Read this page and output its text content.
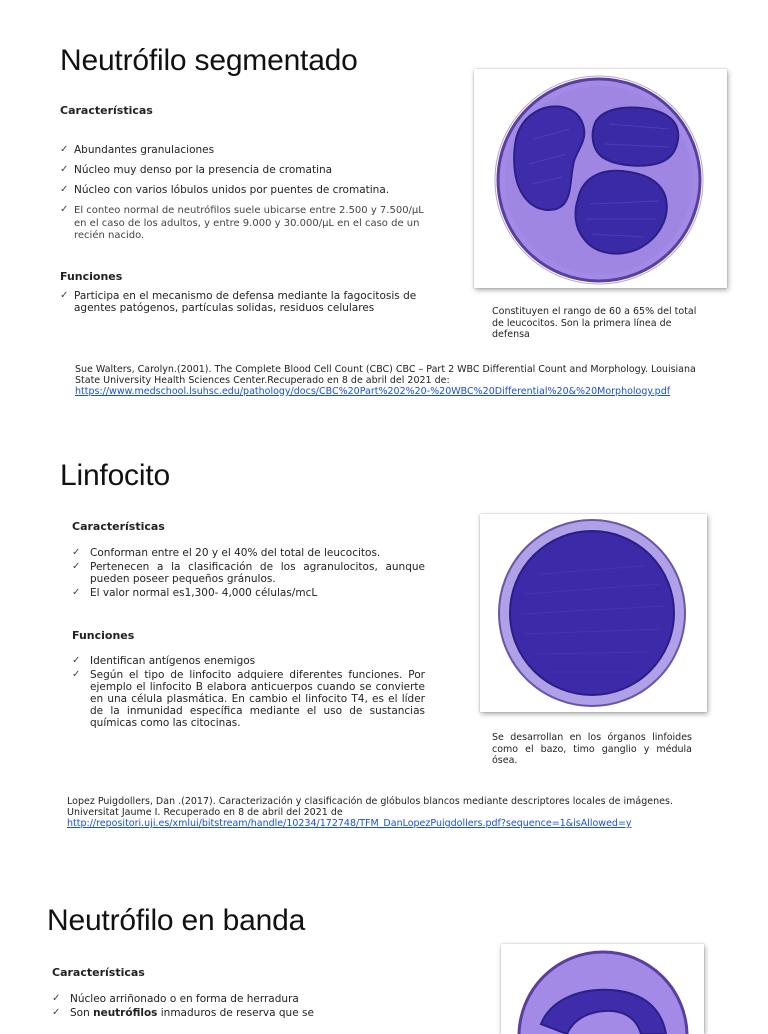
Neutrófilo segmentado

Características

✓ Abundantes granulaciones
✓ Núcleo muy denso por la presencia de cromatina
✓ Núcleo con varios lóbulos unidos por puentes de cromatina.
✓ El conteo normal de neutrófilos suele ubicarse entre 2.500 y 7.500/µL en el caso de los adultos, y entre 9.000 y 30.000/µL en el caso de un recién nacido.

Funciones

✓ Participa en el mecanismo de defensa mediante la fagocitosis de agentes patógenos, partículas solidas, residuos celulares	Constituyen el rango de 60 a 65% del total de leucocitos. Son la primera línea de defensa
Sue Walters, Carolyn.(2001). The Complete Blood Cell Count (CBC) CBC – Part 2 WBC Differential Count and Morphology. Louisiana State University Health Sciences Center.Recuperado en 8 de abril del 2021 de:
https://www.medschool.lsuhsc.edu/pathology/docs/CBC%20Part%202%20-%20WBC%20Differential%20&%20Morphology.pdf
Linfocito

Características

✓ Conforman entre el 20 y el 40% del total de leucocitos.
✓ Pertenecen a la clasificación de los agranulocitos, aunque pueden poseer pequeños gránulos.
✓ El valor normal es1,300- 4,000 células/mcL

Funciones

✓ Identifican antígenos enemigos
✓ Según el tipo de linfocito adquiere diferentes funciones. Por ejemplo el linfocito B elabora anticuerpos cuando se convierte en una célula plasmática. En cambio el linfocito T4, es el líder de la inmunidad específica mediante el uso de sustancias químicas como las citocinas.
Se desarrollan en los órganos linfoides como el bazo, timo ganglio y médula ósea.
Lopez Puigdollers, Dan .(2017). Caracterización y clasificación de glóbulos blancos mediante descriptores locales de imágenes. Universitat Jaume I. Recuperado en 8 de abril del 2021 de
http://repositori.uji.es/xmlui/bitstream/handle/10234/172748/TFM_DanLopezPuigdollers.pdf?sequence=1&isAllowed=y
Neutrófilo en banda

Características

✓ Núcleo arriñonado o en forma de herradura
✓ Son neutrófilos inmaduros de reserva que se
